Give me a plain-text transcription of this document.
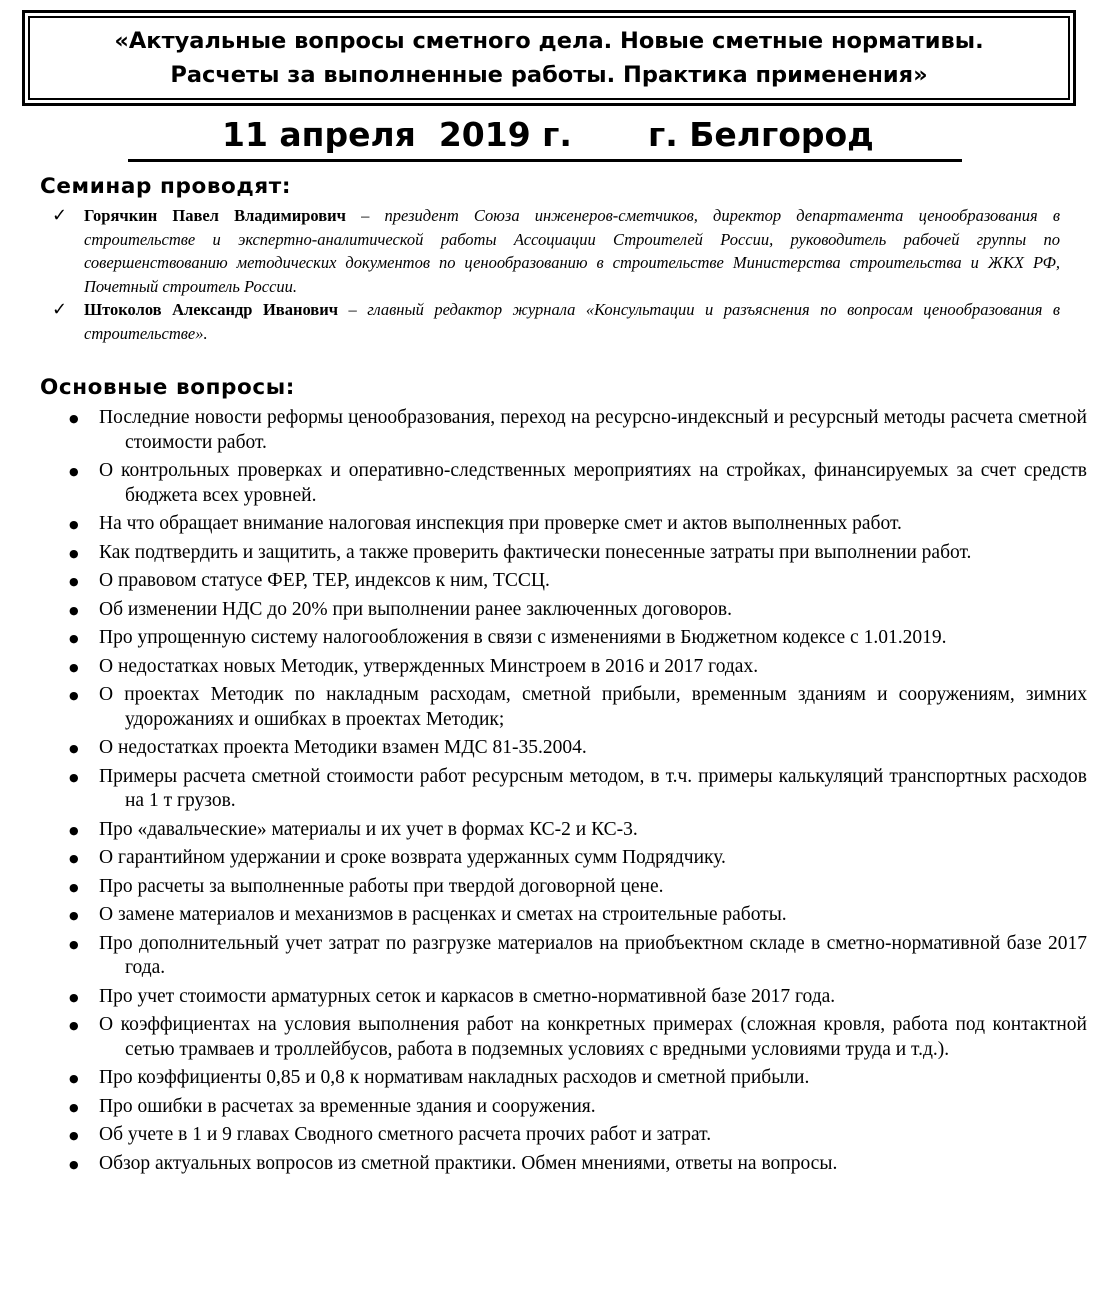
«Актуальные вопросы сметного дела. Новые сметные нормативы.
Расчеты за выполненные работы. Практика применения»

11 апреля  2019 г.

г. Белгород

Семинар проводят:
✓ Горячкин Павел Владимирович – президент Союза инженеров-сметчиков, директор департамента ценообразования в строительстве и экспертно-аналитической работы Ассоциации Строителей России, руководитель рабочей группы по совершенствованию методических документов по ценообразованию в строительстве Министерства строительства и ЖКХ РФ, Почетный строитель России.
✓ Штоколов Александр Иванович – главный редактор журнала «Консультации и разъяснения по вопросам ценообразования в строительстве».
Основные вопросы:
● Последние новости реформы ценообразования, переход на ресурсно-индексный и ресурсный методы расчета сметной стоимости работ.
● О контрольных проверках и оперативно-следственных мероприятиях на стройках, финансируемых за счет средств бюджета всех уровней.
● На что обращает внимание налоговая инспекция при проверке смет и актов выполненных работ.
● Как подтвердить и защитить, а также проверить фактически понесенные затраты при выполнении работ.
● О правовом статусе ФЕР, ТЕР, индексов к ним, ТССЦ.
● Об изменении НДС до 20% при выполнении ранее заключенных договоров.
● Про упрощенную систему налогообложения в связи с изменениями в Бюджетном кодексе с 1.01.2019.
● О недостатках новых Методик, утвержденных Минстроем в 2016 и 2017 годах.
● О проектах Методик по накладным расходам, сметной прибыли, временным зданиям и сооружениям, зимних удорожаниях и ошибках в проектах Методик;
● О недостатках проекта Методики взамен МДС 81-35.2004.
● Примеры расчета сметной стоимости работ ресурсным методом, в т.ч. примеры калькуляций транспортных расходов на 1 т грузов.
● Про «давальческие» материалы и их учет в формах КС-2 и КС-3.
● О гарантийном удержании и сроке возврата удержанных сумм Подрядчику.
● Про расчеты за выполненные работы при твердой договорной цене.
● О замене материалов и механизмов в расценках и сметах на строительные работы.
● Про дополнительный учет затрат по разгрузке материалов на приобъектном складе в сметно-нормативной базе 2017 года.
● Про учет стоимости арматурных сеток и каркасов в сметно-нормативной базе 2017 года.
● О коэффициентах на условия выполнения работ на конкретных примерах (сложная кровля, работа под контактной сетью трамваев и троллейбусов, работа в подземных условиях с вредными условиями труда и т.д.).
● Про коэффициенты 0,85 и 0,8 к нормативам накладных расходов и сметной прибыли.
● Про ошибки в расчетах за временные здания и сооружения.
● Об учете в 1 и 9 главах Сводного сметного расчета прочих работ и затрат.
● Обзор актуальных вопросов из сметной практики. Обмен мнениями, ответы на вопросы.
